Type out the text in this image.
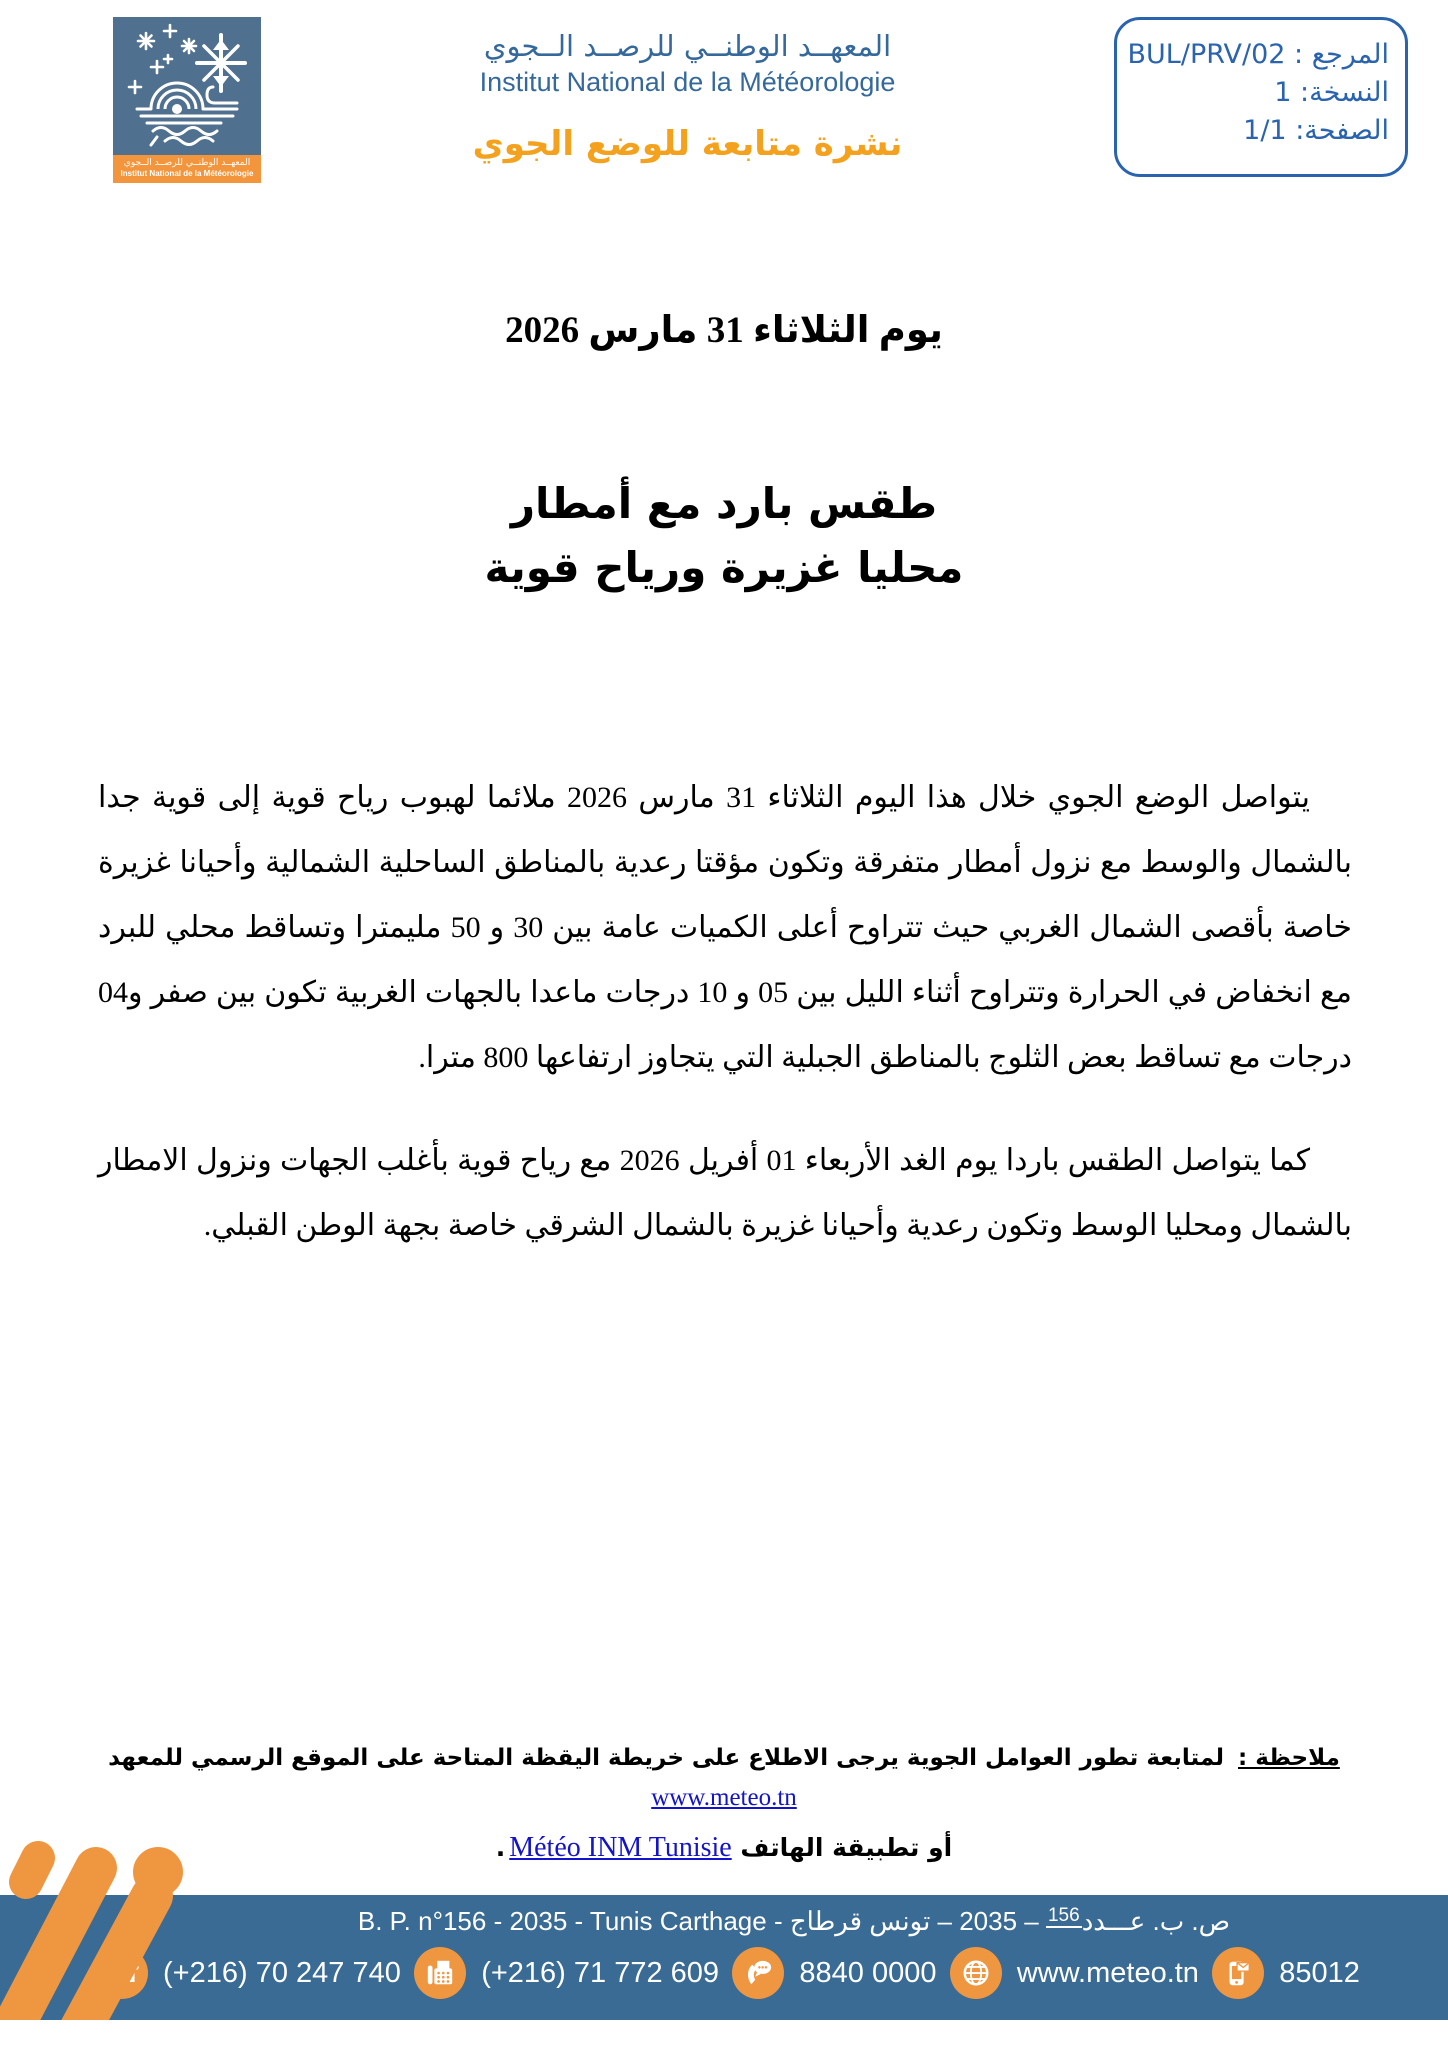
المعهــد الوطنــي للرصــد الــجوي
Institut National de la Météorologie
المعهــد الوطنــي للرصــد الــجوي
Institut National de la Météorologie
نشرة متابعة للوضع الجوي
المرجع : BUL/PRV/02
النسخة: 1
الصفحة: 1/1
يوم الثلاثاء 31 مارس 2026
طقس بارد مع أمطار
محليا غزيرة ورياح قوية

يتواصل الوضع الجوي خلال هذا اليوم الثلاثاء 31 مارس 2026 ملائما لهبوب رياح قوية إلى قوية جدا بالشمال والوسط مع نزول أمطار متفرقة وتكون مؤقتا رعدية بالمناطق الساحلية الشمالية وأحيانا غزيرة خاصة بأقصى الشمال الغربي حيث تتراوح أعلى الكميات عامة بين 30 و 50 مليمترا وتساقط محلي للبرد مع انخفاض في الحرارة وتتراوح أثناء الليل بين 05 و 10 درجات ماعدا بالجهات الغربية تكون بين صفر و04 درجات مع تساقط بعض الثلوج بالمناطق الجبلية التي يتجاوز ارتفاعها 800 مترا.

كما يتواصل الطقس باردا يوم الغد الأربعاء 01 أفريل 2026 مع رياح قوية بأغلب الجهات ونزول الامطار بالشمال ومحليا الوسط وتكون رعدية وأحيانا غزيرة بالشمال الشرقي خاصة بجهة الوطن القبلي.

ملاحظة : لمتابعة تطور العوامل الجوية يرجى الاطلاع على خريطة اليقظة المتاحة على الموقع الرسمي للمعهد www.meteo.tn
أو تطبيقة الهاتف Météo INM Tunisie.
B. P. n°156 - 2035 - Tunis Carthage -	ص. ب. عـــدد$^{156}$ – 2035 – تونس قرطاج
☎ (+216) 70 247 740	(+216) 71 772 609	8840 0000	www.meteo.tn	85012
